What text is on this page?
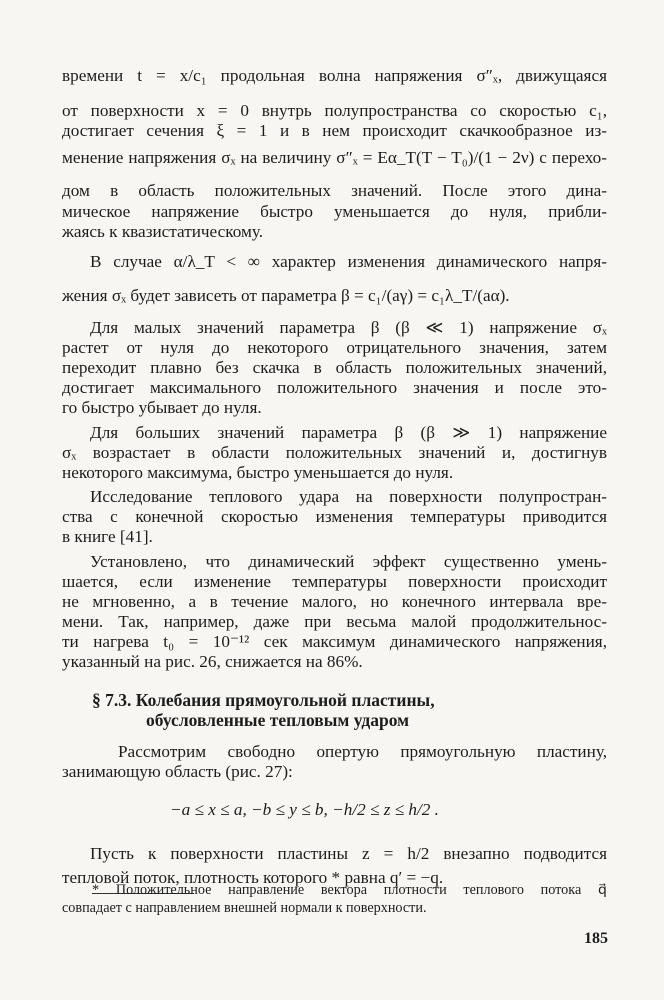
времени t = x/c₁ продольная волна напряжения σ″ₓ, движущаяся
от поверхности x = 0 внутрь полупространства со скоростью c₁,
достигает сечения ξ = 1 и в нем происходит скачкообразное из-
менение напряжения σₓ на величину σ″ₓ = Eα_T(T − T₀)/(1 − 2ν) с перехо-
дом в область положительных значений. После этого дина-
мическое напряжение быстро уменьшается до нуля, прибли-
жаясь к квазистатическому.
В случае α/λ_T < ∞ характер изменения динамического напря-
жения σₓ будет зависеть от параметра β = c₁/(aγ) = c₁λ_T/(aα).
Для малых значений параметра β (β ≪ 1) напряжение σₓ
растет от нуля до некоторого отрицательного значения, затем
переходит плавно без скачка в область положительных значений,
достигает максимального положительного значения и после это-
го быстро убывает до нуля.
Для больших значений параметра β (β ≫ 1) напряжение
σₓ возрастает в области положительных значений и, достигнув
некоторого максимума, быстро уменьшается до нуля.
Исследование теплового удара на поверхности полупростран-
ства с конечной скоростью изменения температуры приводится
в книге [41].
Установлено, что динамический эффект существенно умень-
шается, если изменение температуры поверхности происходит
не мгновенно, а в течение малого, но конечного интервала вре-
мени. Так, например, даже при весьма малой продолжительнос-
ти нагрева t₀ = 10⁻¹² сек максимум динамического напряжения,
указанный на рис. 26, снижается на 86%.
§ 7.3. Колебания прямоугольной пластины,
обусловленные тепловым ударом
Рассмотрим свободно опертую прямоугольную пластину,
занимающую область (рис. 27):
−a ≤ x ≤ a, −b ≤ y ≤ b, −h/2 ≤ z ≤ h/2 .
Пусть к поверхности пластины z = h/2 внезапно подводится
тепловой поток, плотность которого * равна q′ = −q.
* Положительное направление вектора плотности теплового потока q⃗
совпадает с направлением внешней нормали к поверхности.
185
